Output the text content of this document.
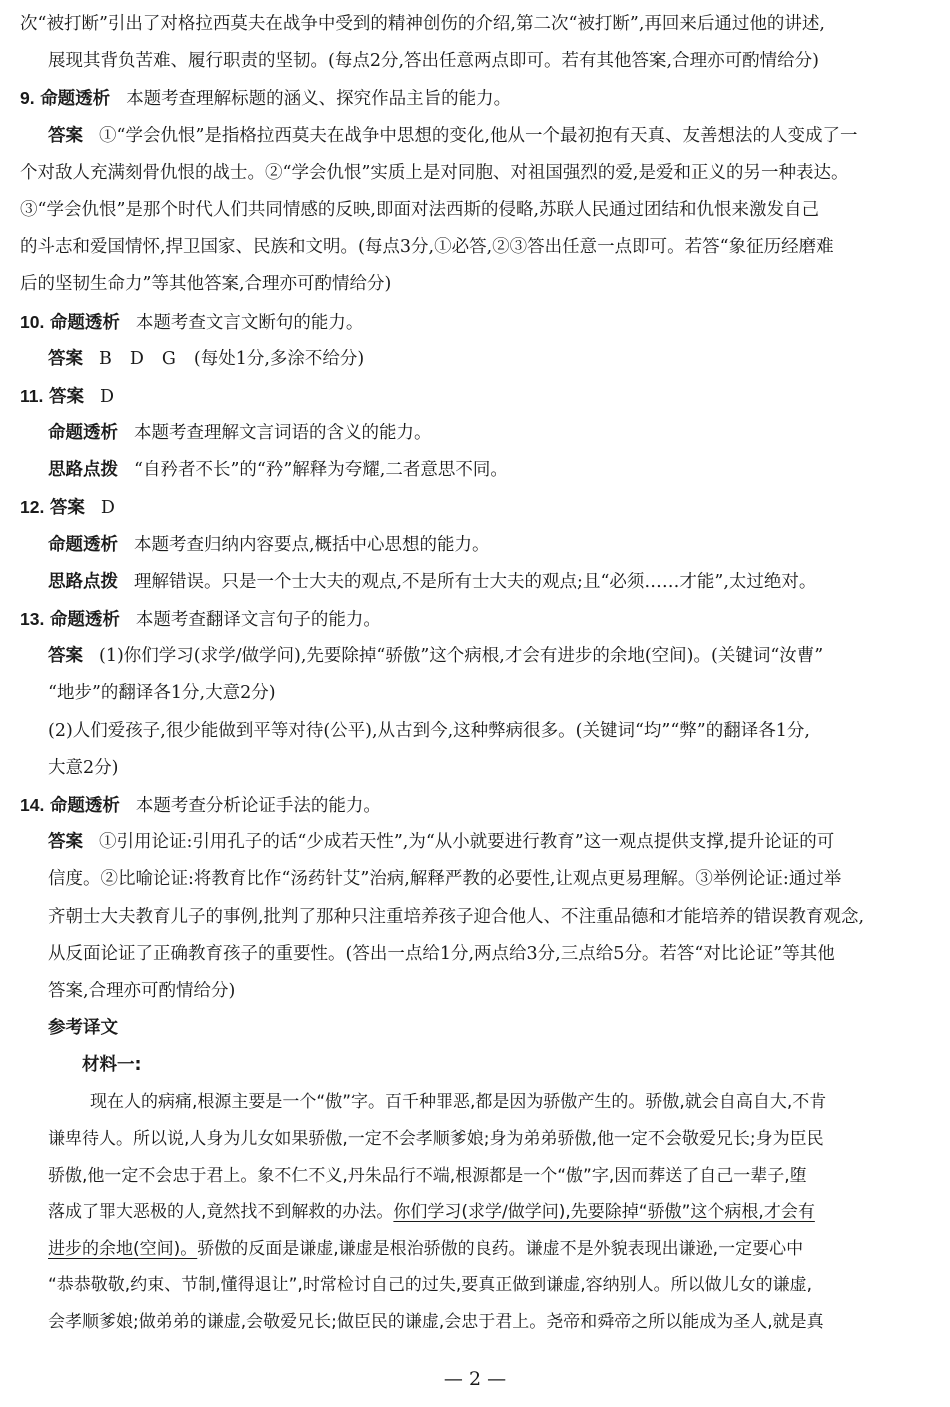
次“被打断”引出了对格拉西莫夫在战争中受到的精神创伤的介绍,第二次“被打断”,再回来后通过他的讲述,
展现其背负苦难、履行职责的坚韧。(每点2分,答出任意两点即可。若有其他答案,合理亦可酌情给分)
9. 命题透析 本题考查理解标题的涵义、探究作品主旨的能力。
答案 ①“学会仇恨”是指格拉西莫夫在战争中思想的变化,他从一个最初抱有天真、友善想法的人变成了一
个对敌人充满刻骨仇恨的战士。②“学会仇恨”实质上是对同胞、对祖国强烈的爱,是爱和正义的另一种表达。
③“学会仇恨”是那个时代人们共同情感的反映,即面对法西斯的侵略,苏联人民通过团结和仇恨来激发自己
的斗志和爱国情怀,捍卫国家、民族和文明。(每点3分,①必答,②③答出任意一点即可。若答“象征历经磨难
后的坚韧生命力”等其他答案,合理亦可酌情给分)
10. 命题透析 本题考查文言文断句的能力。
答案 B D G (每处1分,多涂不给分)
11. 答案 D
命题透析 本题考查理解文言词语的含义的能力。
思路点拨 “自矜者不长”的“矜”解释为夸耀,二者意思不同。
12. 答案 D
命题透析 本题考查归纳内容要点,概括中心思想的能力。
思路点拨 理解错误。只是一个士大夫的观点,不是所有士大夫的观点;且“必须……才能”,太过绝对。
13. 命题透析 本题考查翻译文言句子的能力。
答案 (1)你们学习(求学/做学问),先要除掉“骄傲”这个病根,才会有进步的余地(空间)。(关键词“汝曹”
“地步”的翻译各1分,大意2分)
(2)人们爱孩子,很少能做到平等对待(公平),从古到今,这种弊病很多。(关键词“均”“弊”的翻译各1分,
大意2分)
14. 命题透析 本题考查分析论证手法的能力。
答案 ①引用论证:引用孔子的话“少成若天性”,为“从小就要进行教育”这一观点提供支撑,提升论证的可
信度。②比喻论证:将教育比作“汤药针艾”治病,解释严教的必要性,让观点更易理解。③举例论证:通过举
齐朝士大夫教育儿子的事例,批判了那种只注重培养孩子迎合他人、不注重品德和才能培养的错误教育观念,
从反面论证了正确教育孩子的重要性。(答出一点给1分,两点给3分,三点给5分。若答“对比论证”等其他
答案,合理亦可酌情给分)
参考译文
材料一:
现在人的病痛,根源主要是一个“傲”字。百千种罪恶,都是因为骄傲产生的。骄傲,就会自高自大,不肯
谦卑待人。所以说,人身为儿女如果骄傲,一定不会孝顺爹娘;身为弟弟骄傲,他一定不会敬爱兄长;身为臣民
骄傲,他一定不会忠于君上。象不仁不义,丹朱品行不端,根源都是一个“傲”字,因而葬送了自己一辈子,堕
落成了罪大恶极的人,竟然找不到解救的办法。你们学习(求学/做学问),先要除掉“骄傲”这个病根,才会有
进步的余地(空间)。骄傲的反面是谦虚,谦虚是根治骄傲的良药。谦虚不是外貌表现出谦逊,一定要心中
“恭恭敬敬,约束、节制,懂得退让”,时常检讨自己的过失,要真正做到谦虚,容纳别人。所以做儿女的谦虚,
会孝顺爹娘;做弟弟的谦虚,会敬爱兄长;做臣民的谦虚,会忠于君上。尧帝和舜帝之所以能成为圣人,就是真
— 2 —
